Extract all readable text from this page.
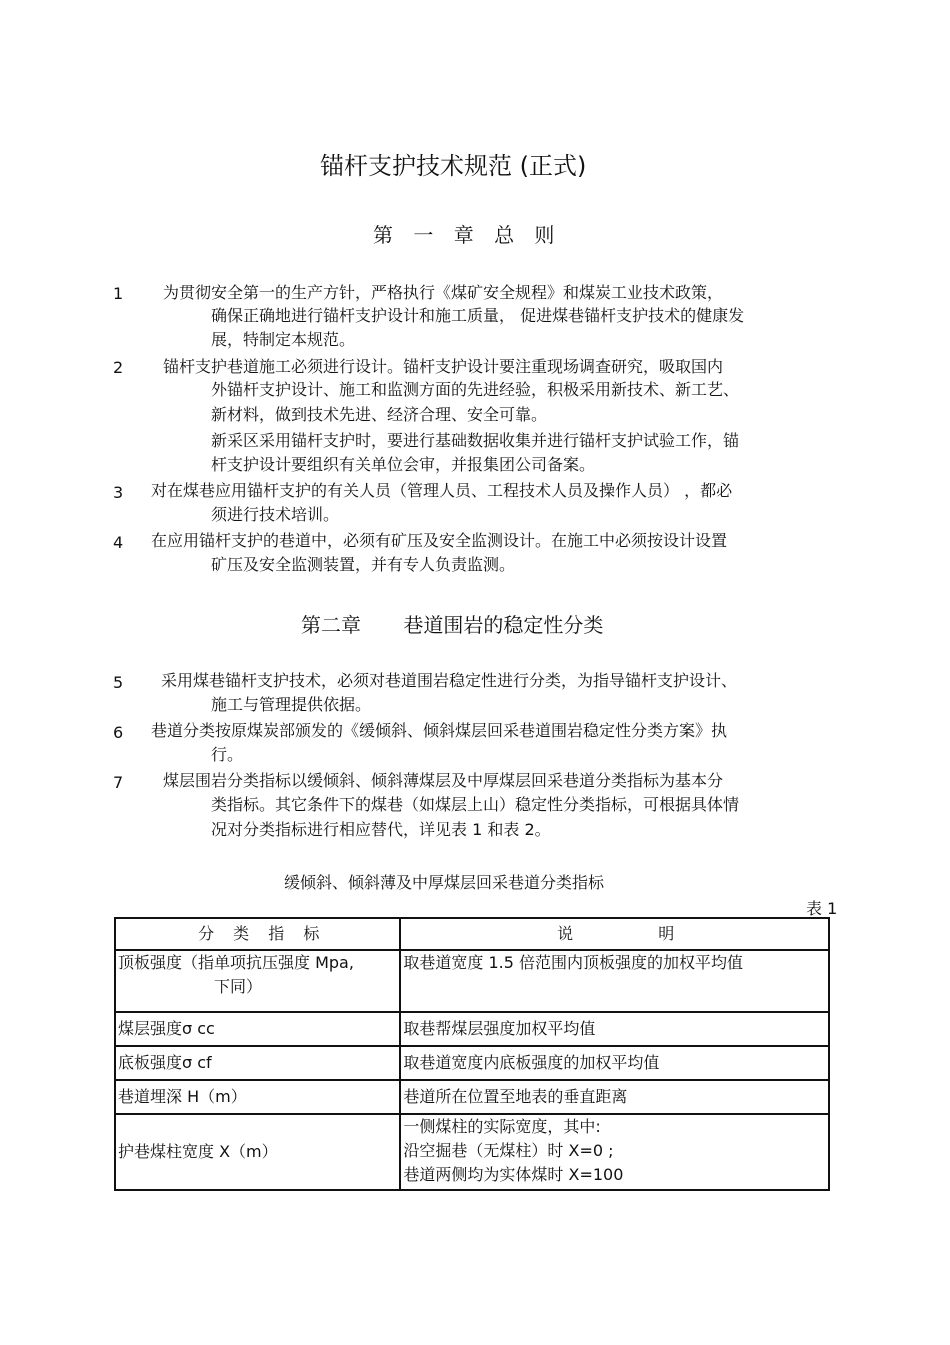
锚杆支护技术规范 (正式)
第 一 章 总 则
1 为贯彻安全第一的生产方针，严格执行《煤矿安全规程》和煤炭工业技术政策，
确保正确地进行锚杆支护设计和施工质量， 促进煤巷锚杆支护技术的健康发
展，特制定本规范。
2 锚杆支护巷道施工必须进行设计。锚杆支护设计要注重现场调查研究，吸取国内
外锚杆支护设计、施工和监测方面的先进经验，积极采用新技术、新工艺、
新材料，做到技术先进、经济合理、安全可靠。
新采区采用锚杆支护时，要进行基础数据收集并进行锚杆支护试验工作，锚
杆支护设计要组织有关单位会审，并报集团公司备案。
3 对在煤巷应用锚杆支护的有关人员（管理人员、工程技术人员及操作人员） ，都必
须进行技术培训。
4 在应用锚杆支护的巷道中，必须有矿压及安全监测设计。在施工中必须按设计设置
矿压及安全监测装置，并有专人负责监测。
第二章 巷道围岩的稳定性分类
5 采用煤巷锚杆支护技术，必须对巷道围岩稳定性进行分类，为指导锚杆支护设计、
施工与管理提供依据。
6 巷道分类按原煤炭部颁发的《缓倾斜、倾斜煤层回采巷道围岩稳定性分类方案》执
行。
7 煤层围岩分类指标以缓倾斜、倾斜薄煤层及中厚煤层回采巷道分类指标为基本分
类指标。其它条件下的煤巷（如煤层上山）稳定性分类指标，可根据具体情
况对分类指标进行相应替代，详见表 1 和表 2。
缓倾斜、倾斜薄及中厚煤层回采巷道分类指标
表 1
分 类 指 标	说 明

顶板强度（指单项抗压强度 Mpa,
下同）	取巷道宽度 1.5 倍范围内顶板强度的加权平均值

煤层强度σ cc	取巷帮煤层强度加权平均值

底板强度σ cf	取巷道宽度内底板强度的加权平均值

巷道埋深 H（m）	巷道所在位置至地表的垂直距离

护巷煤柱宽度 X（m）	一侧煤柱的实际宽度，其中:
沿空掘巷（无煤柱）时 X=0 ;
巷道两侧均为实体煤时 X=100
